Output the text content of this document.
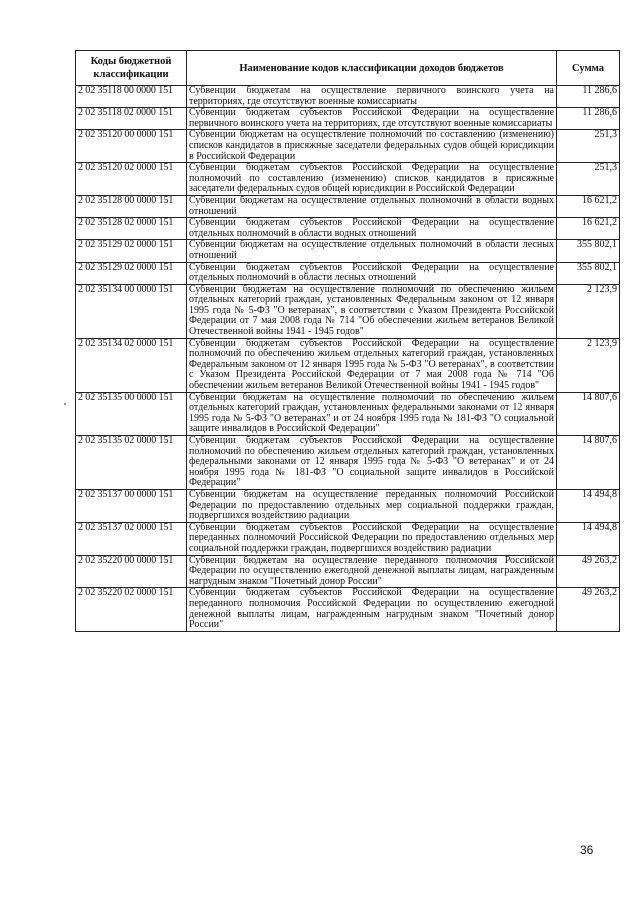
Коды бюджетной классификации	Наименование кодов классификации доходов бюджетов	Сумма
2 02 35118 00 0000 151	Субвенции бюджетам на осуществление первичного воинского учета на территориях, где отсутствуют военные комиссариаты	11 286,6
2 02 35118 02 0000 151	Субвенции бюджетам субъектов Российской Федерации на осуществление первичного воинского учета на территориях, где отсутствуют военные комиссариаты	11 286,6
2 02 35120 00 0000 151	Субвенции бюджетам на осуществление полномочий по составлению (изменению) списков кандидатов в присяжные заседатели федеральных судов общей юрисдикции в Российской Федерации	251,3
2 02 35120 02 0000 151	Субвенции бюджетам субъектов Российской Федерации на осуществление полномочий по составлению (изменению) списков кандидатов в присяжные заседатели федеральных судов общей юрисдикции в Российской Федерации	251,3
2 02 35128 00 0000 151	Субвенции бюджетам на осуществление отдельных полномочий в области водных отношений	16 621,2
2 02 35128 02 0000 151	Субвенции бюджетам субъектов Российской Федерации на осуществление отдельных полномочий в области водных отношений	16 621,2
2 02 35129 02 0000 151	Субвенции бюджетам на осуществление отдельных полномочий в области лесных отношений	355 802,1
2 02 35129 02 0000 151	Субвенции бюджетам субъектов Российской Федерации на осуществление отдельных полномочий в области лесных отношений	355 802,1
2 02 35134 00 0000 151	Субвенции бюджетам на осуществление полномочий по обеспечению жильем отдельных категорий граждан, установленных Федеральным законом от 12 января 1995 года № 5-ФЗ "О ветеранах", в соответствии с Указом Президента Российской Федерации от 7 мая 2008 года № 714 "Об обеспечении жильем ветеранов Великой Отечественной войны 1941 - 1945 годов"	2 123,9
2 02 35134 02 0000 151	Субвенции бюджетам субъектов Российской Федерации на осуществление полномочий по обеспечению жильем отдельных категорий граждан, установленных Федеральным законом от 12 января 1995 года № 5-ФЗ "О ветеранах", в соответствии с Указом Президента Российской Федерации от 7 мая 2008 года № 714 "Об обеспечении жильем ветеранов Великой Отечественной войны 1941 - 1945 годов"	2 123,9
2 02 35135 00 0000 151	Субвенции бюджетам на осуществление полномочий по обеспечению жильем отдельных категорий граждан, установленных федеральными законами от 12 января 1995 года № 5-ФЗ "О ветеранах" и от 24 ноября 1995 года № 181-ФЗ "О социальной защите инвалидов в Российской Федерации"	14 807,6
2 02 35135 02 0000 151	Субвенции бюджетам субъектов Российской Федерации на осуществление полномочий по обеспечению жильем отдельных категорий граждан, установленных федеральными законами от 12 января 1995 года № 5-ФЗ "О ветеранах" и от 24 ноября 1995 года № 181-ФЗ "О социальной защите инвалидов в Российской Федерации"	14 807,6
2 02 35137 00 0000 151	Субвенции бюджетам на осуществление переданных полномочий Российской Федерации по предоставлению отдельных мер социальной поддержки граждан, подвергшихся воздействию радиации	14 494,8
2 02 35137 02 0000 151	Субвенции бюджетам субъектов Российской Федерации на осуществление переданных полномочий Российской Федерации по предоставлению отдельных мер социальной поддержки граждан, подвергшихся воздействию радиации	14 494,8
2 02 35220 00 0000 151	Субвенции бюджетам на осуществление переданного полномочия Российской Федерации по осуществлению ежегодной денежной выплаты лицам, награжденным нагрудным знаком "Почетный донор России"	49 263,2
2 02 35220 02 0000 151	Субвенции бюджетам субъектов Российской Федерации на осуществление переданного полномочия Российской Федерации по осуществлению ежегодной денежной выплаты лицам, награжденным нагрудным знаком "Почетный донор России"	49 263,2
36
